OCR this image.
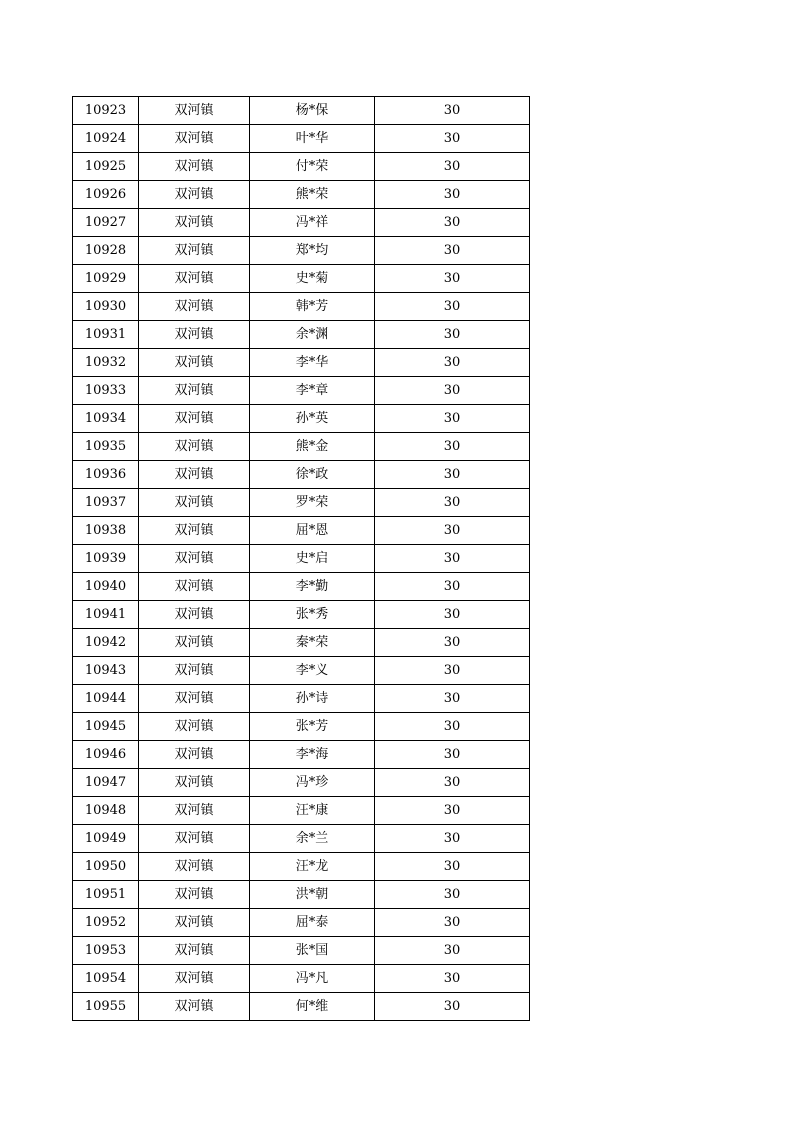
10923	双河镇	杨*保	30
10924	双河镇	叶*华	30
10925	双河镇	付*荣	30
10926	双河镇	熊*荣	30
10927	双河镇	冯*祥	30
10928	双河镇	郑*均	30
10929	双河镇	史*菊	30
10930	双河镇	韩*芳	30
10931	双河镇	余*渊	30
10932	双河镇	李*华	30
10933	双河镇	李*章	30
10934	双河镇	孙*英	30
10935	双河镇	熊*金	30
10936	双河镇	徐*政	30
10937	双河镇	罗*荣	30
10938	双河镇	屈*恩	30
10939	双河镇	史*启	30
10940	双河镇	李*勤	30
10941	双河镇	张*秀	30
10942	双河镇	秦*荣	30
10943	双河镇	李*义	30
10944	双河镇	孙*诗	30
10945	双河镇	张*芳	30
10946	双河镇	李*海	30
10947	双河镇	冯*珍	30
10948	双河镇	汪*康	30
10949	双河镇	余*兰	30
10950	双河镇	汪*龙	30
10951	双河镇	洪*朝	30
10952	双河镇	屈*泰	30
10953	双河镇	张*国	30
10954	双河镇	冯*凡	30
10955	双河镇	何*维	30
